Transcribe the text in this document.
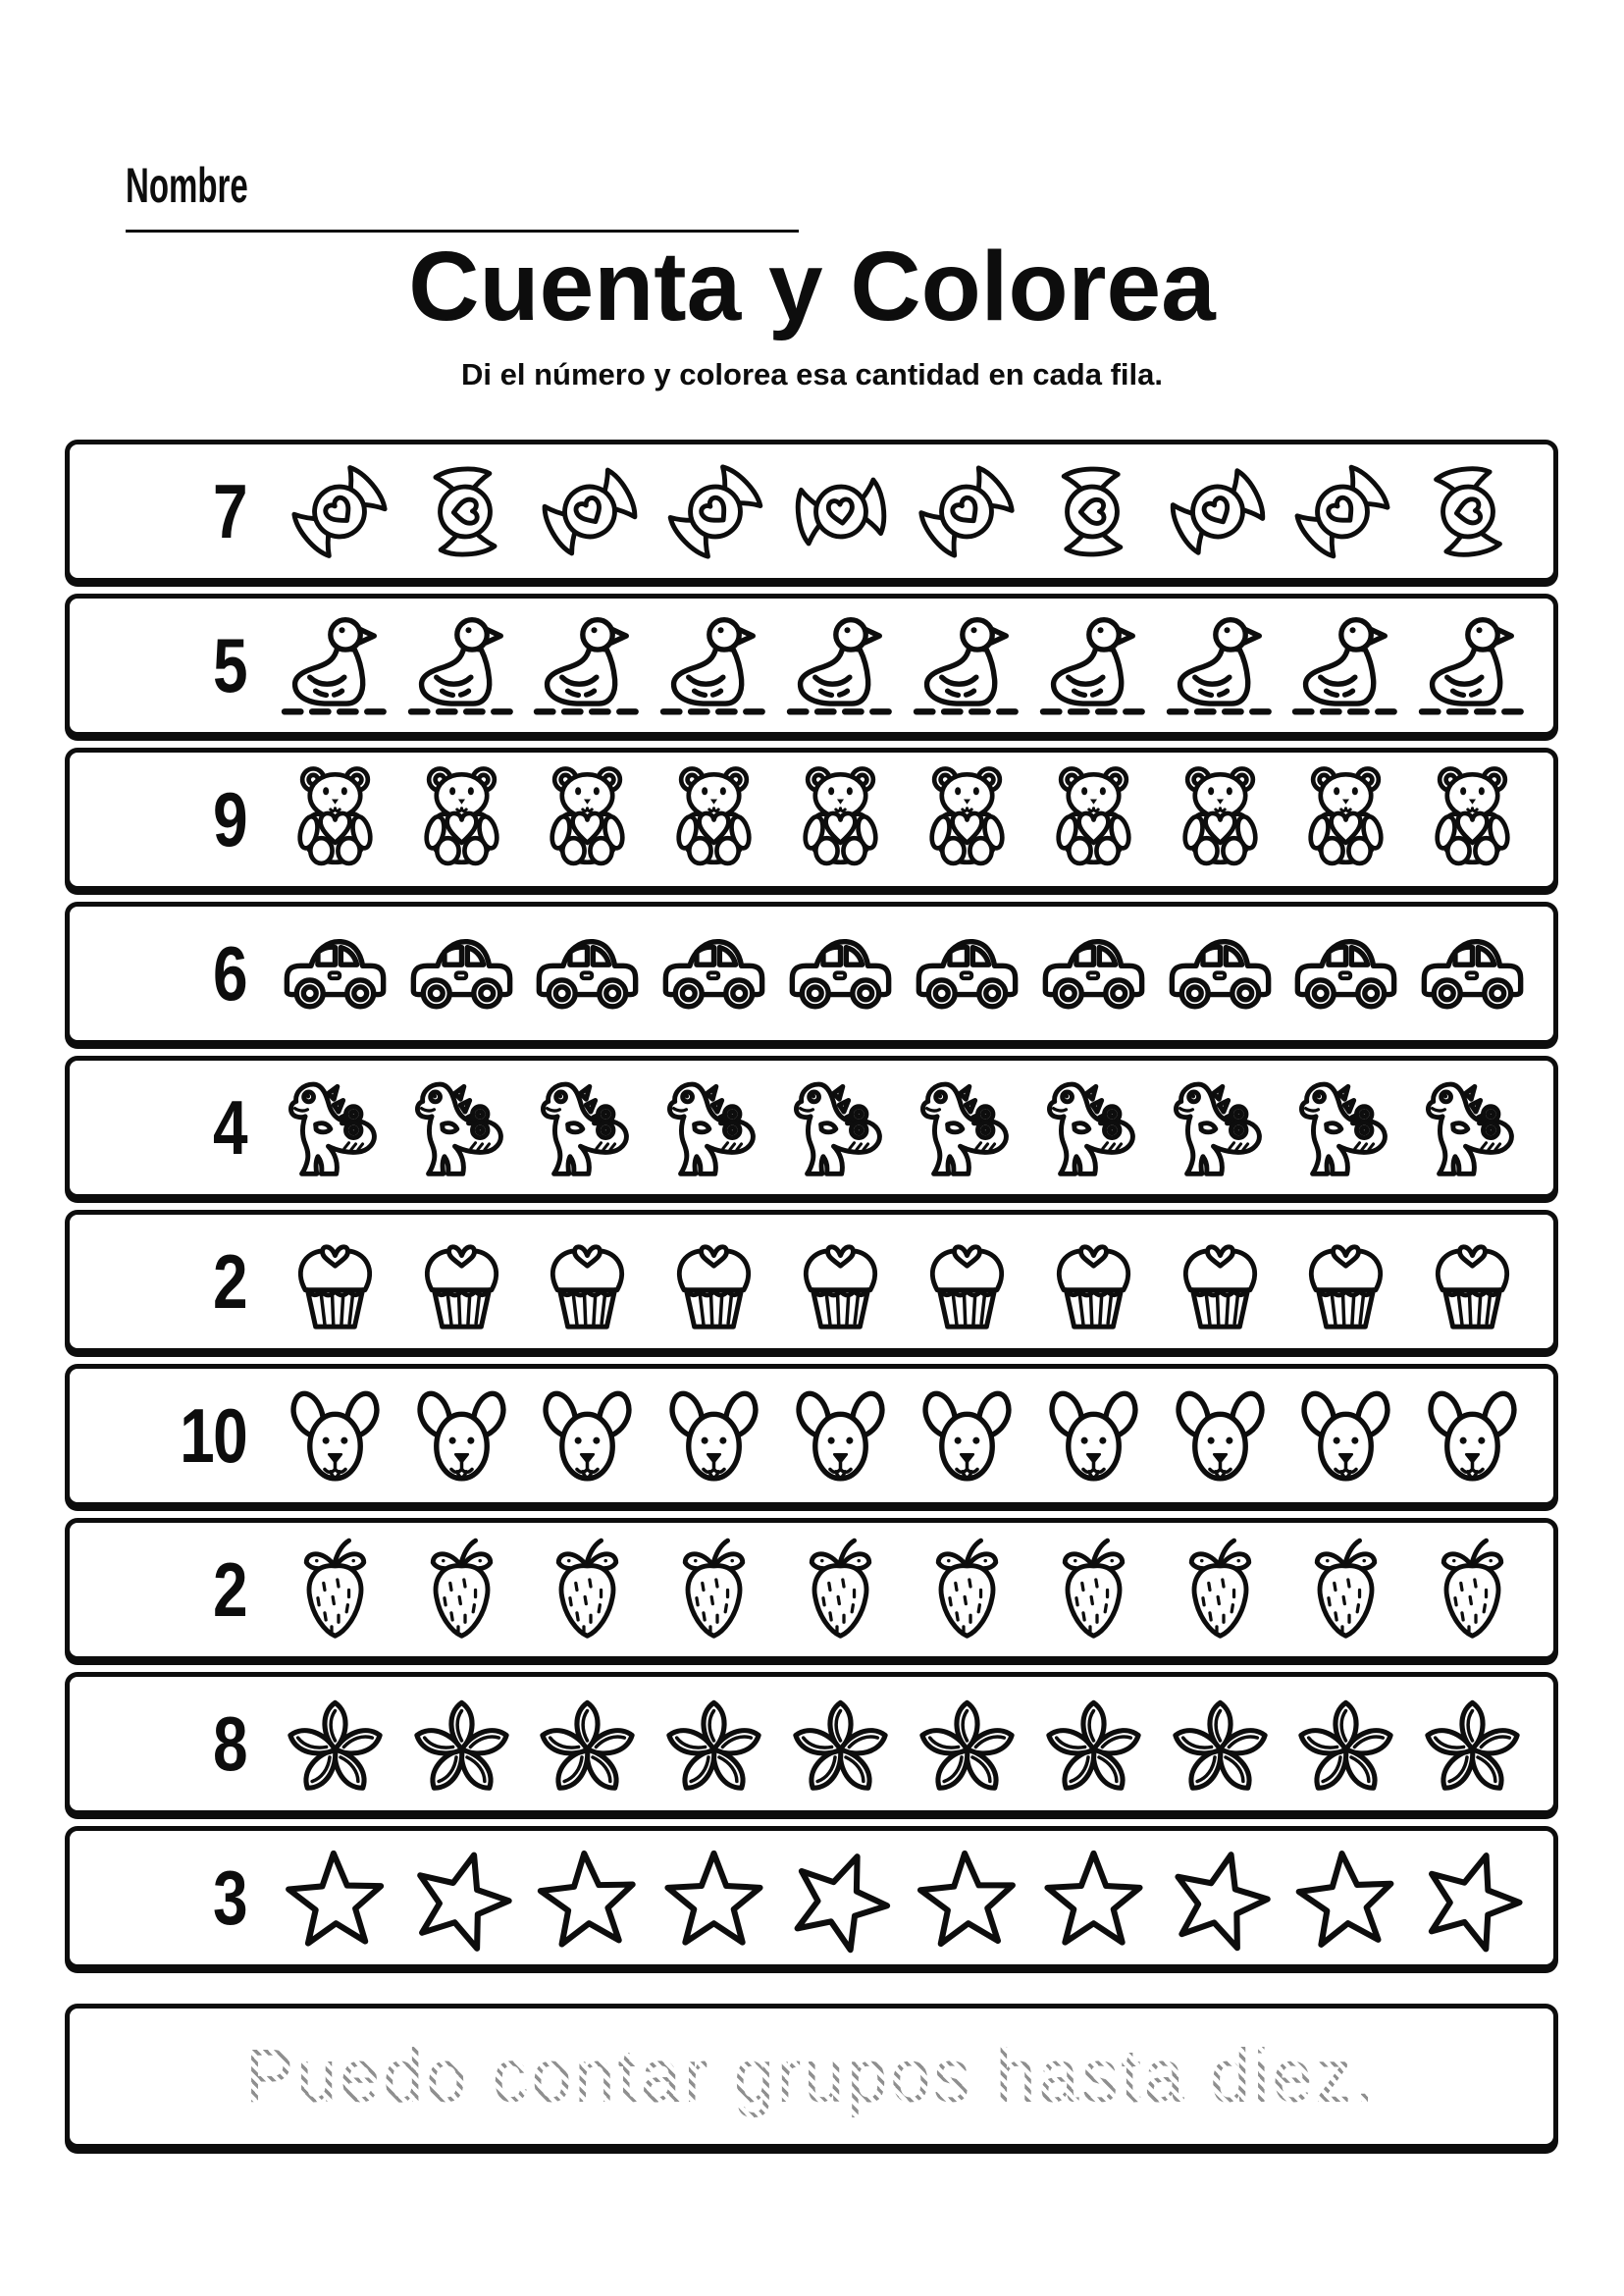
Nombre
Cuenta y Colorea

Di el número y colorea esa cantidad en cada fila.

7
5
9
6
4
2
10
2
8
3
Puedo contar grupos hasta diez.
